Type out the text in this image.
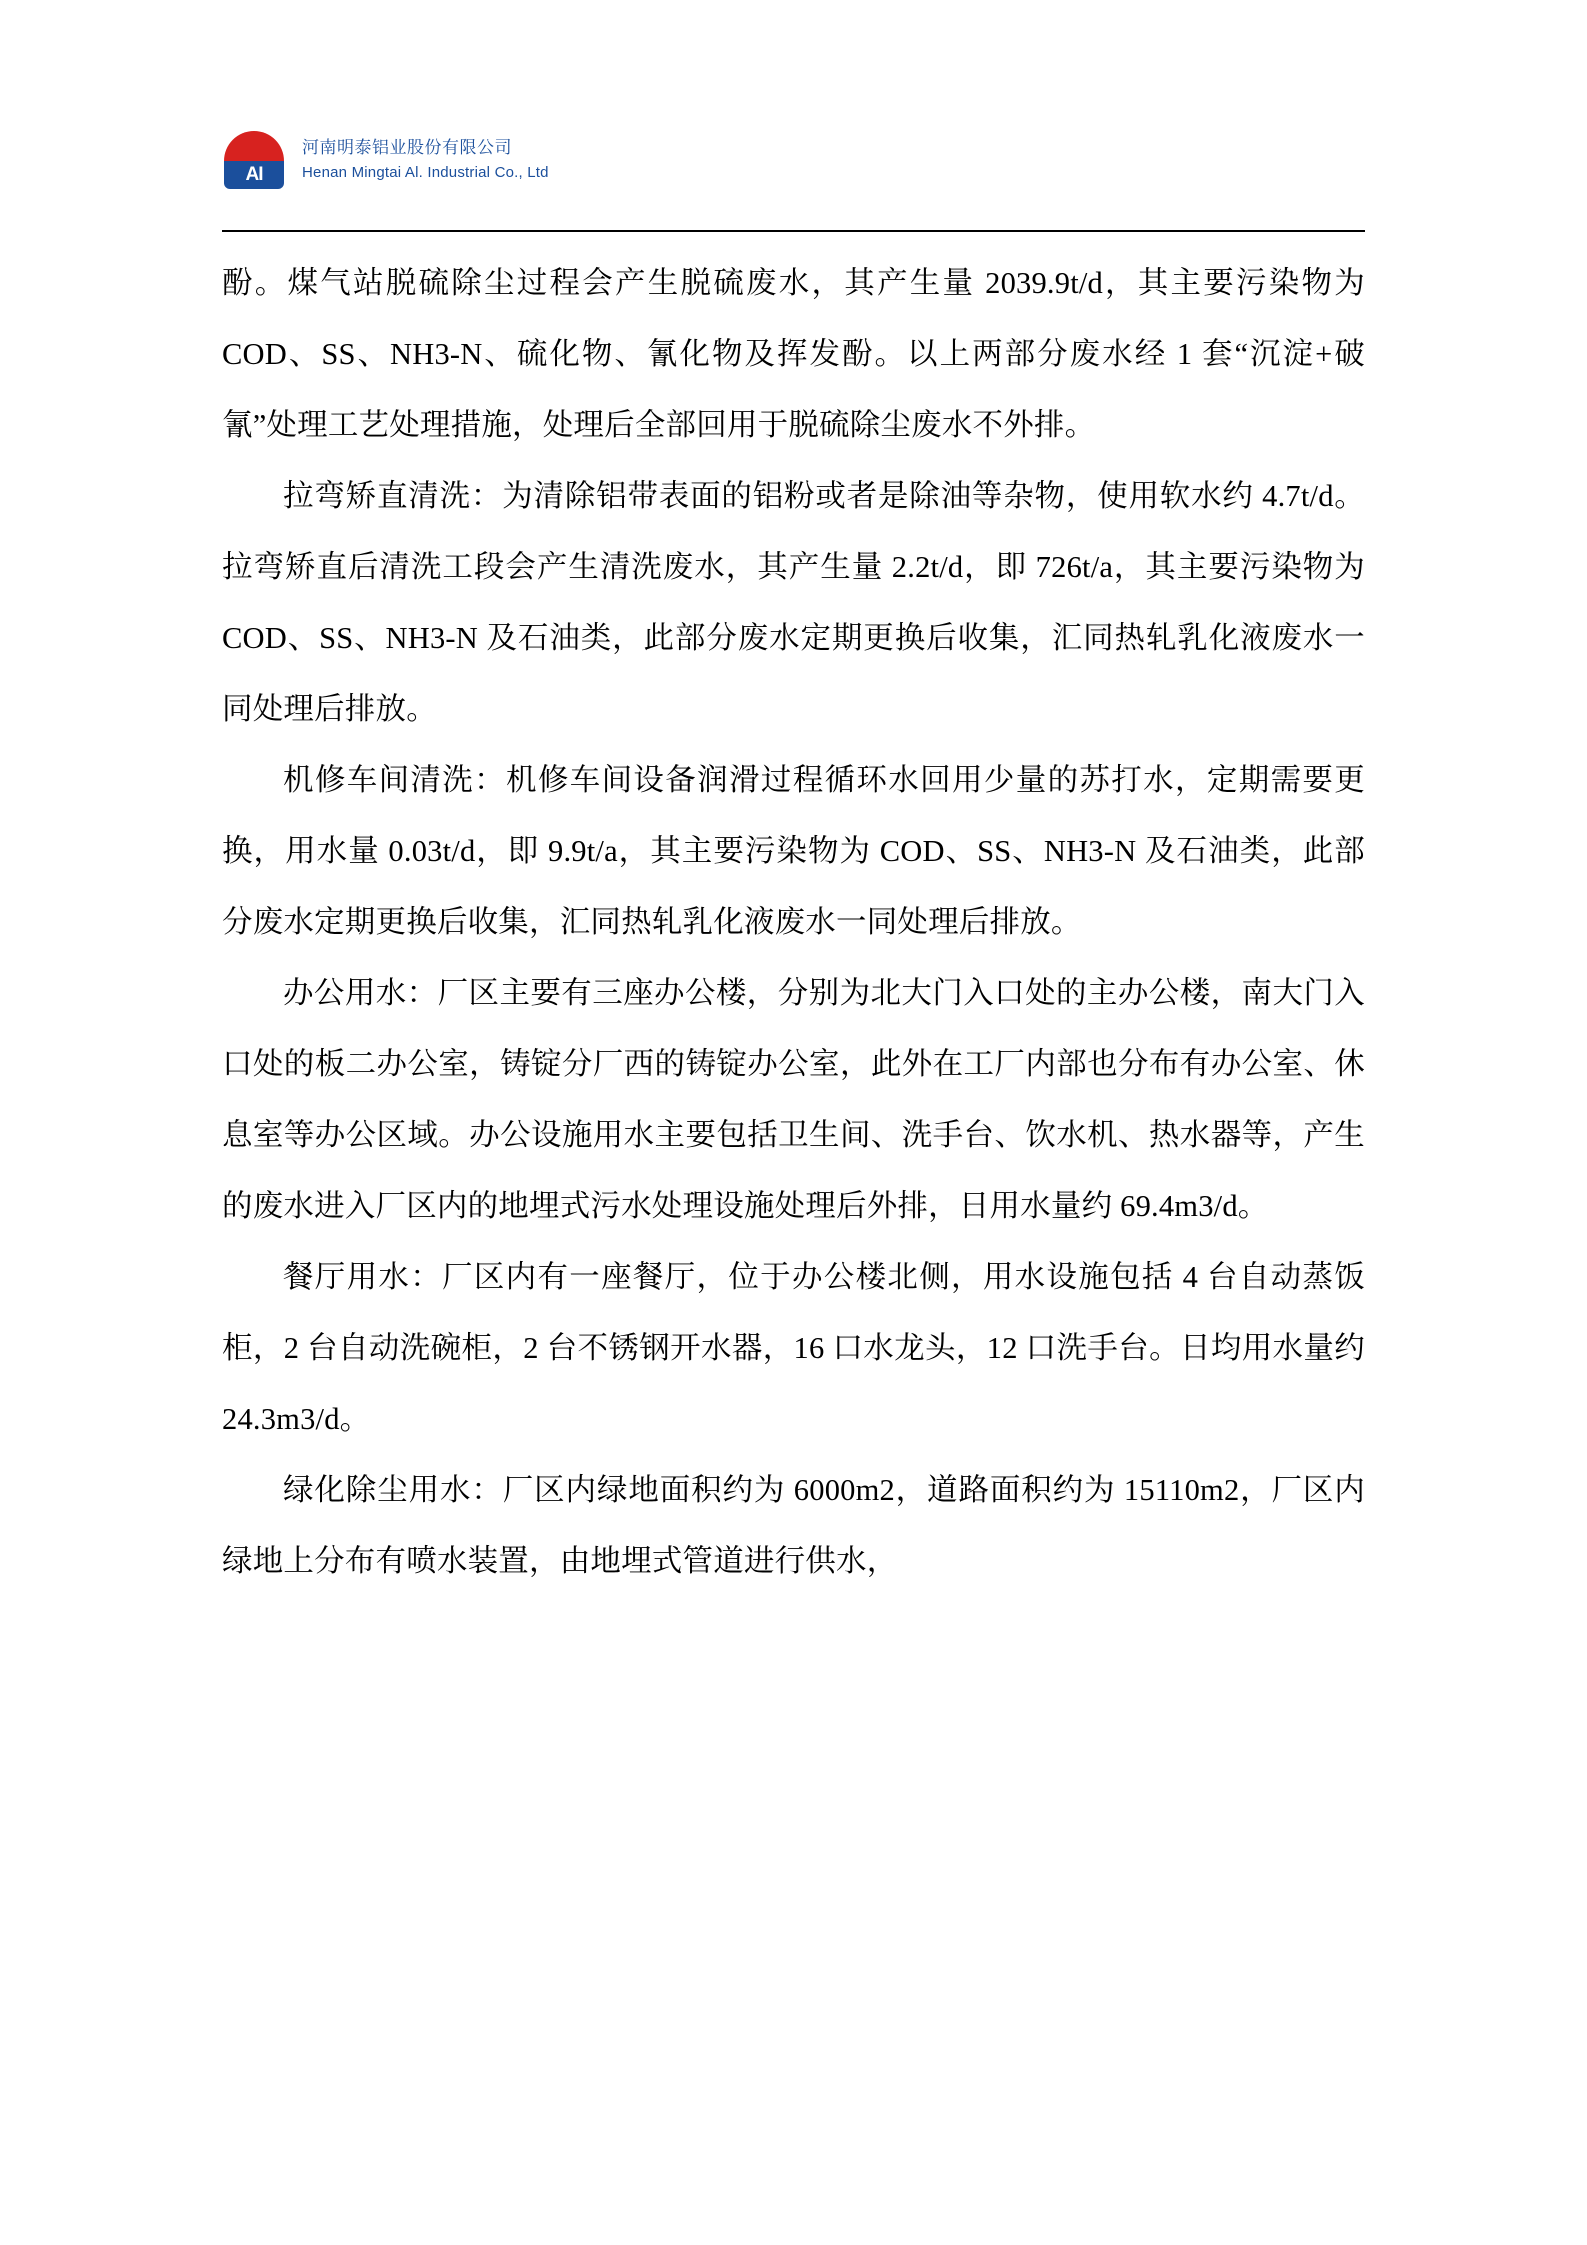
AI
河南明泰铝业股份有限公司
Henan Mingtai Al. Industrial Co., Ltd

酚。煤气站脱硫除尘过程会产生脱硫废水，其产生量 2039.9t/d，其主要污染物为 COD、SS、NH3-N、硫化物、氰化物及挥发酚。以上两部分废水经 1 套“沉淀+破氰”处理工艺处理措施，处理后全部回用于脱硫除尘废水不外排。

拉弯矫直清洗：为清除铝带表面的铝粉或者是除油等杂物，使用软水约 4.7t/d。拉弯矫直后清洗工段会产生清洗废水，其产生量 2.2t/d，即 726t/a，其主要污染物为 COD、SS、NH3-N 及石油类，此部分废水定期更换后收集，汇同热轧乳化液废水一同处理后排放。

机修车间清洗：机修车间设备润滑过程循环水回用少量的苏打水，定期需要更换，用水量 0.03t/d，即 9.9t/a，其主要污染物为 COD、SS、NH3-N 及石油类，此部分废水定期更换后收集，汇同热轧乳化液废水一同处理后排放。

办公用水：厂区主要有三座办公楼，分别为北大门入口处的主办公楼，南大门入口处的板二办公室，铸锭分厂西的铸锭办公室，此外在工厂内部也分布有办公室、休息室等办公区域。办公设施用水主要包括卫生间、洗手台、饮水机、热水器等，产生的废水进入厂区内的地埋式污水处理设施处理后外排，日用水量约 69.4m3/d。

餐厅用水：厂区内有一座餐厅，位于办公楼北侧，用水设施包括 4 台自动蒸饭柜，2 台自动洗碗柜，2 台不锈钢开水器，16 口水龙头，12 口洗手台。日均用水量约 24.3m3/d。

绿化除尘用水：厂区内绿地面积约为 6000m2，道路面积约为 15110m2，厂区内绿地上分布有喷水装置，由地埋式管道进行供水，
